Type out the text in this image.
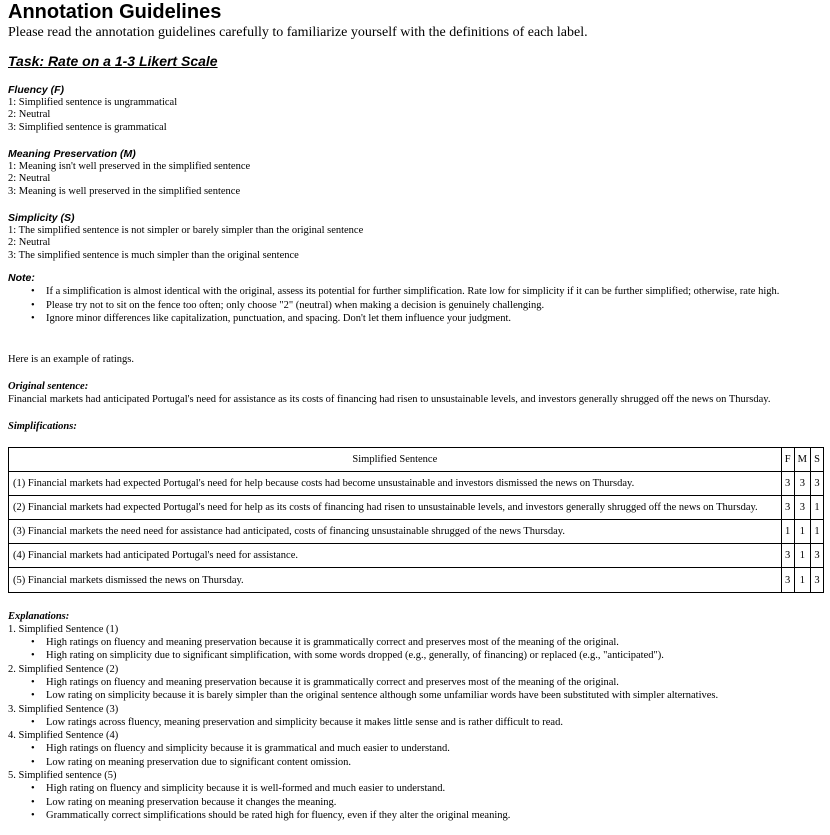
Annotation Guidelines
Please read the annotation guidelines carefully to familiarize yourself with the definitions of each label.
Task: Rate on a 1-3 Likert Scale
Fluency (F)
1: Simplified sentence is ungrammatical
2: Neutral
3: Simplified sentence is grammatical
Meaning Preservation (M)
1: Meaning isn't well preserved in the simplified sentence
2: Neutral
3: Meaning is well preserved in the simplified sentence
Simplicity (S)
1: The simplified sentence is not simpler or barely simpler than the original sentence
2: Neutral
3: The simplified sentence is much simpler than the original sentence
Note:
• If a simplification is almost identical with the original, assess its potential for further simplification. Rate low for simplicity if it can be further simplified; otherwise, rate high.
• Please try not to sit on the fence too often; only choose "2" (neutral) when making a decision is genuinely challenging.
• Ignore minor differences like capitalization, punctuation, and spacing. Don't let them influence your judgment.
Here is an example of ratings.
Original sentence:
Financial markets had anticipated Portugal's need for assistance as its costs of financing had risen to unsustainable levels, and investors generally shrugged off the news on Thursday.
Simplifications:
Simplified Sentence	F	M	S
(1) Financial markets had expected Portugal's need for help because costs had become unsustainable and investors dismissed the news on Thursday.	3	3	3
(2) Financial markets had expected Portugal's need for help as its costs of financing had risen to unsustainable levels, and investors generally shrugged off the news on Thursday.	3	3	1
(3) Financial markets the need need for assistance had anticipated, costs of financing unsustainable shrugged of the news Thursday.	1	1	1
(4) Financial markets had anticipated Portugal's need for assistance.	3	1	3
(5) Financial markets dismissed the news on Thursday.	3	1	3
Explanations:
1. Simplified Sentence (1)
• High ratings on fluency and meaning preservation because it is grammatically correct and preserves most of the meaning of the original.
• High rating on simplicity due to significant simplification, with some words dropped (e.g., generally, of financing) or replaced (e.g., "anticipated").
2. Simplified Sentence (2)
• High ratings on fluency and meaning preservation because it is grammatically correct and preserves most of the meaning of the original.
• Low rating on simplicity because it is barely simpler than the original sentence although some unfamiliar words have been substituted with simpler alternatives.
3. Simplified Sentence (3)
• Low ratings across fluency, meaning preservation and simplicity because it makes little sense and is rather difficult to read.
4. Simplified Sentence (4)
• High ratings on fluency and simplicity because it is grammatical and much easier to understand.
• Low rating on meaning preservation due to significant content omission.
5. Simplified sentence (5)
• High rating on fluency and simplicity because it is well-formed and much easier to understand.
• Low rating on meaning preservation because it changes the meaning.
• Grammatically correct simplifications should be rated high for fluency, even if they alter the original meaning.
